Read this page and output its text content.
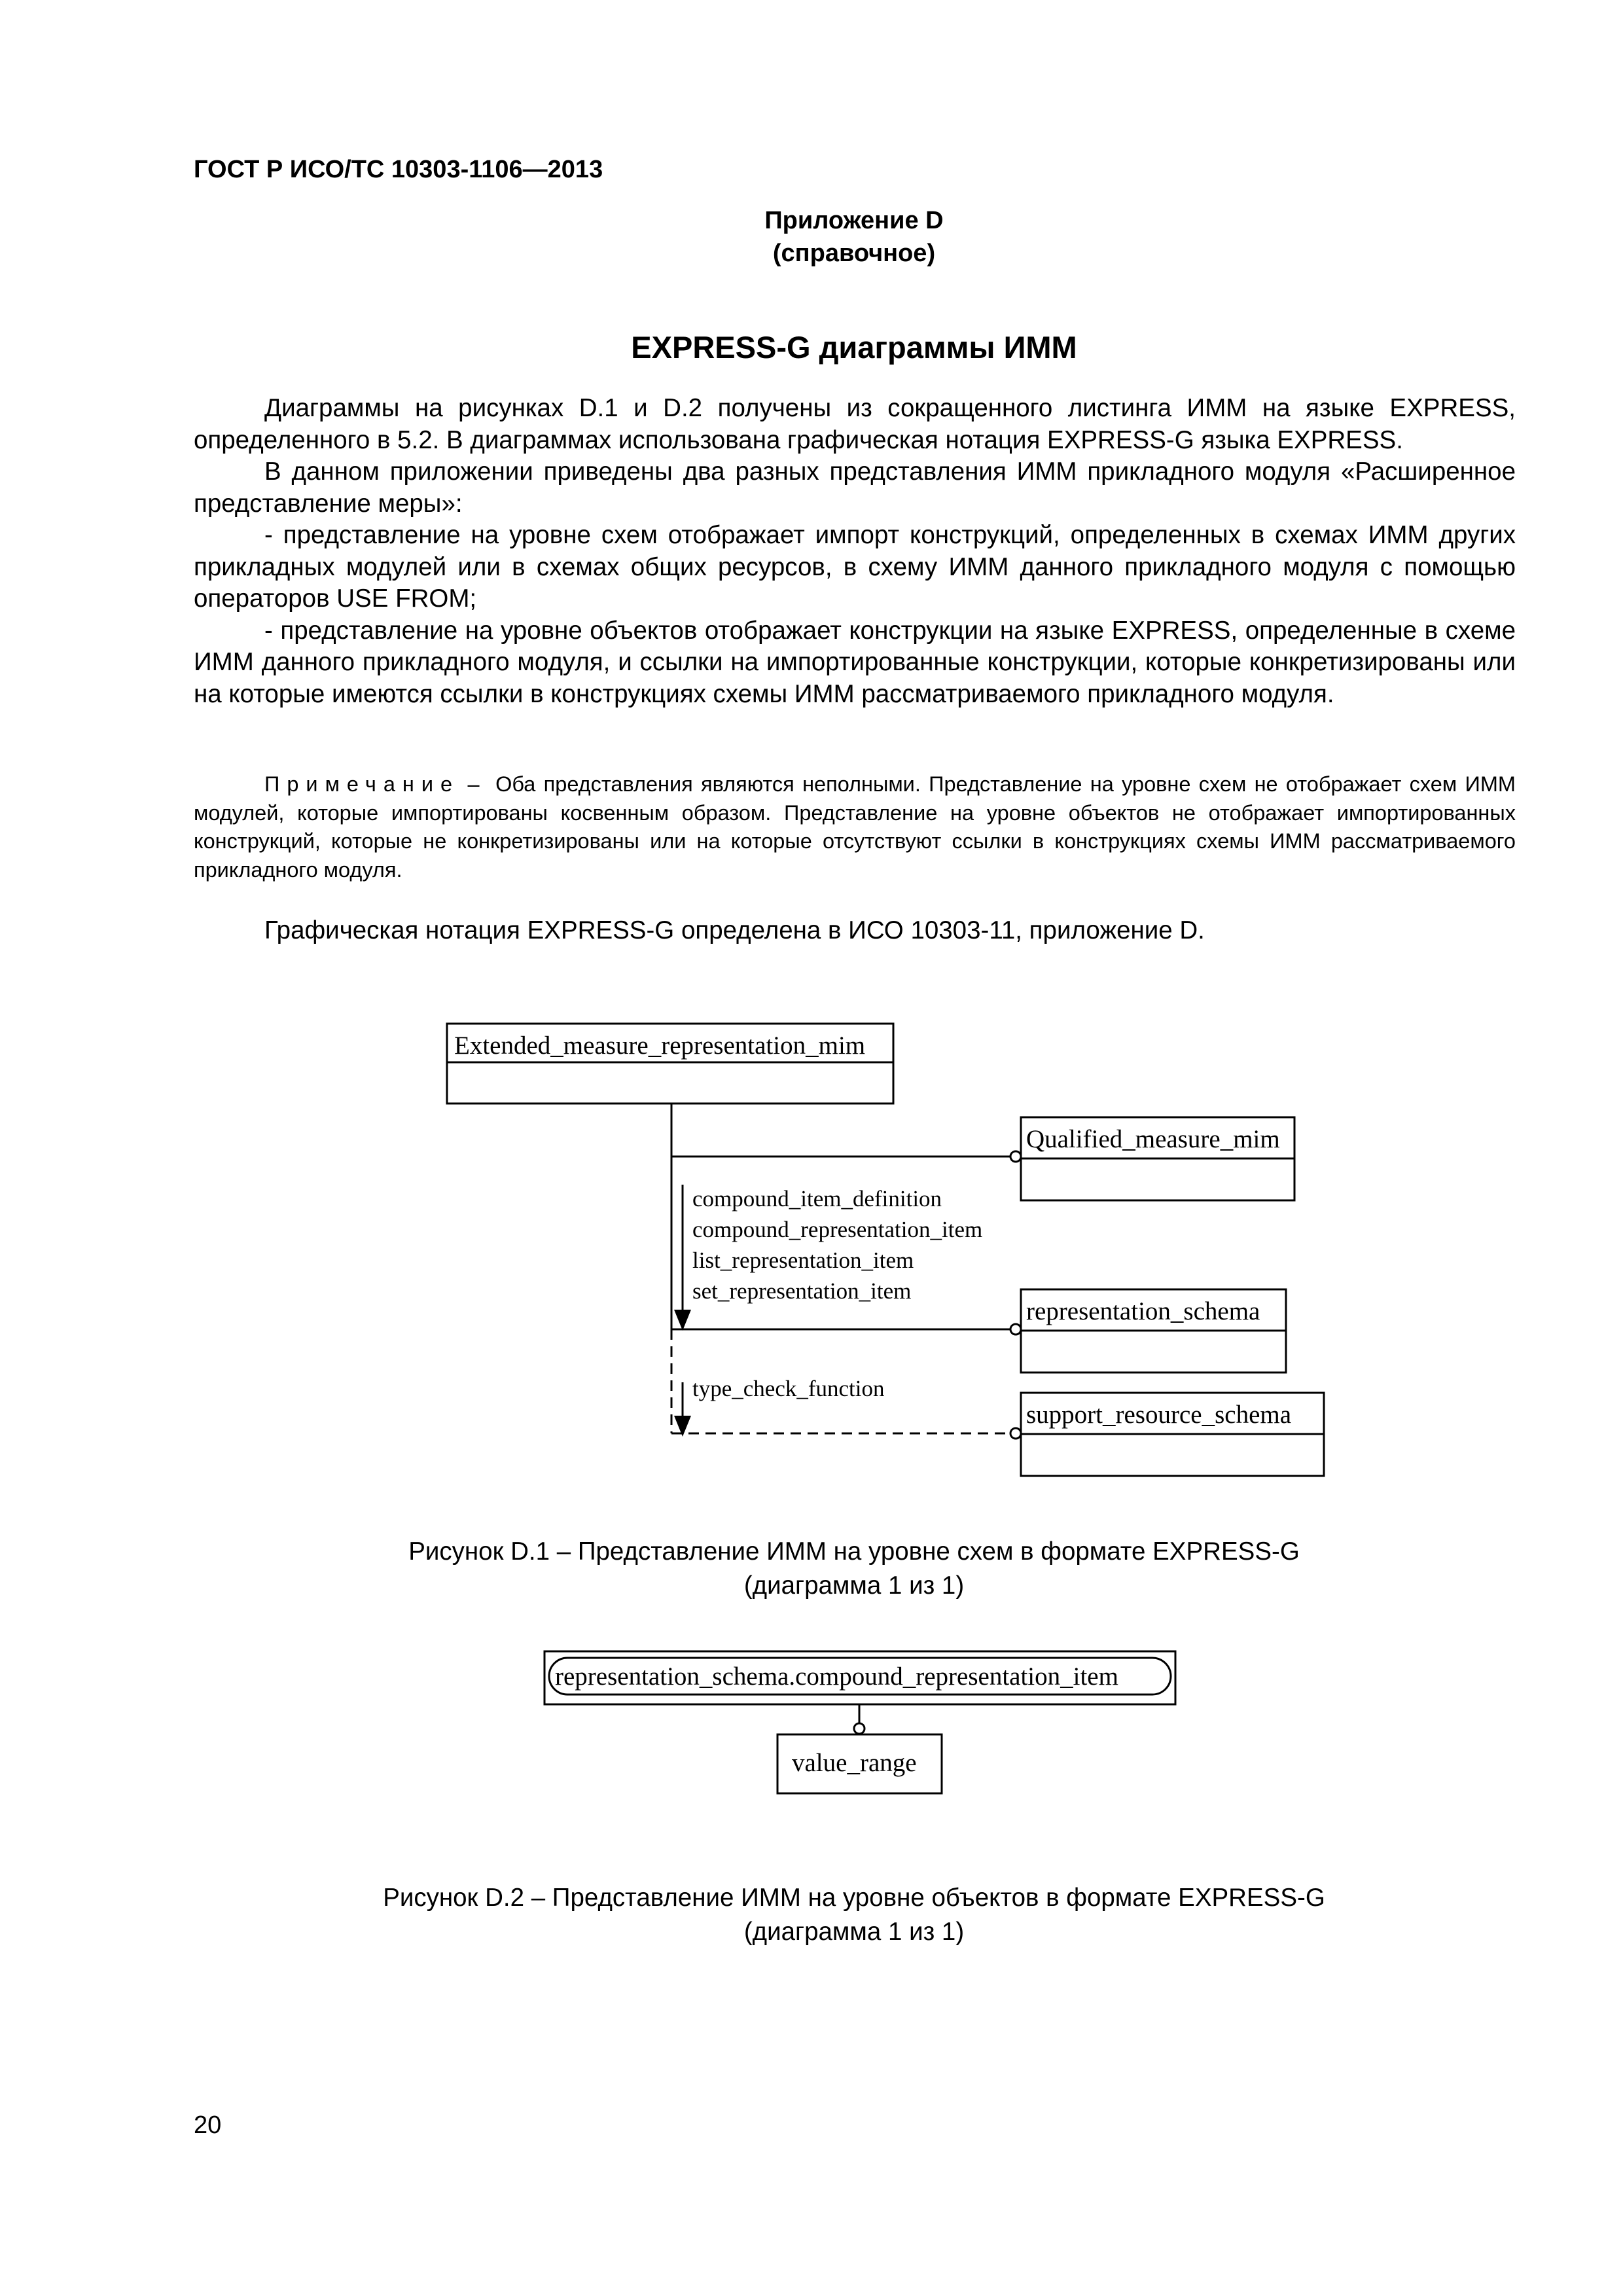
ГОСТ Р ИСО/ТС 10303-1106—2013
Приложение D
(справочное)
EXPRESS-G диаграммы ИММ
Диаграммы на рисунках D.1 и D.2 получены из сокращенного листинга ИММ на языке EXPRESS, определенного в 5.2. В диаграммах использована графическая нотация EXPRESS-G языка EXPRESS.
В данном приложении приведены два разных представления ИММ прикладного модуля «Расширенное представление меры»:
- представление на уровне схем отображает импорт конструкций, определенных в схемах ИММ других прикладных модулей или в схемах общих ресурсов, в схему ИММ данного прикладного модуля с помощью операторов USE FROM;
- представление на уровне объектов отображает конструкции на языке EXPRESS, определенные в схеме ИММ данного прикладного модуля, и ссылки на импортированные конструкции, которые конкретизированы или на которые имеются ссылки в конструкциях схемы ИММ рассматриваемого прикладного модуля.
Примечание – Оба представления являются неполными. Представление на уровне схем не отображает схем ИММ модулей, которые импортированы косвенным образом. Представление на уровне объектов не отображает импортированных конструкций, которые не конкретизированы или на которые отсутствуют ссылки в конструкциях схемы ИММ рассматриваемого прикладного модуля.
Графическая нотация EXPRESS-G определена в ИСО 10303-11, приложение D.
Extended_measure_representation_mim
Qualified_measure_mim
representation_schema
support_resource_schema
compound_item_definition
compound_representation_item
list_representation_item
set_representation_item
type_check_function
representation_schema.compound_representation_item
value_range
Рисунок D.1 – Представление ИММ на уровне схем в формате EXPRESS-G
(диаграмма 1 из 1)
Рисунок D.2 – Представление ИММ на уровне объектов в формате EXPRESS-G
(диаграмма 1 из 1)
20
